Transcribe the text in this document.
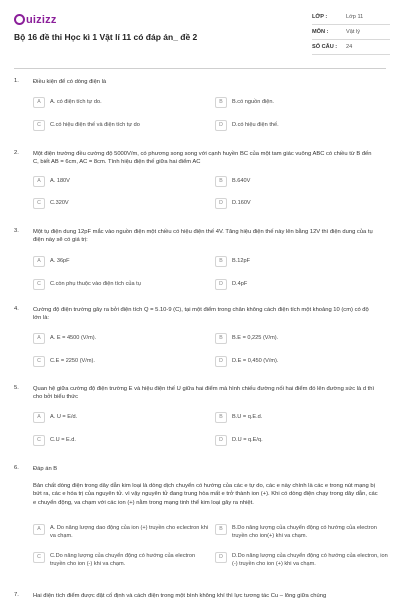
uizizz
Bộ 16 đề thi Học kì 1 Vật lí 11 có đáp án_ đề 2
LỚP :	Lớp 11
MÔN :	Vật lý
SỐ CÂU :	24
1. Điều kiện để có dòng điện là
A	A. có điện tích tự do.	B	B.có nguồn điện.
C	C.có hiệu điện thế và điện tích tự do	D	D.có hiệu điện thế.
2. Một điện trường đều cường độ 5000V/m, có phương song song với cạnh huyền BC của một tam giác vuông ABC có chiều từ B đến C, biết AB = 6cm, AC = 8cm. Tính hiệu điện thế giữa hai điểm AC
A	A. 180V	B	B.640V
C	C.320V	D	D.160V
3. Một tụ điện dung 12pF mắc vào nguồn điện một chiều có hiệu điện thế 4V. Tăng hiệu điện thế này lên bằng 12V thì điện dung của tụ điện này sẽ có giá trị:
A	A. 36pF	B	B.12pF
C	C.còn phụ thuộc vào điện tích của tụ	D	D.4pF
4. Cường độ điện trường gây ra bởi điện tích Q = 5.10-9 (C), tại một điểm trong chân không cách điện tích một khoảng 10 (cm) có độ lớn là:
A	A. E = 4500 (V/m).	B	B.E = 0,225 (V/m).
C	C.E = 2250 (V/m).	D	D.E = 0,450 (V/m).
5. Quan hệ giữa cường độ điện trường E và hiệu điện thế U giữa hai điểm mà hình chiếu đường nối hai điểm đó lên đường sức là d thì cho bởi biểu thức
A	A. U = E/d.	B	B.U = q.E.d.
C	C.U = E.d.	D	D.U = q.E/q.
6. Đáp án B
Bản chất dòng điện trong dây dẫn kim loại là dòng dịch chuyển có hướng của các e tự do, các e này chính là các e trong nút mạng bị bứt ra, các e hóa trị của nguyên tử. vì vậy nguyên tử đang trung hòa mất e trở thành ion (+). Khi có dòng điện chạy trong dây dẫn, các e chuyển động, va chạm với các ion (+) nằm trong mạng tinh thể kim loại gây ra nhiệt.
A	A. Do năng lượng dao động của ion (+) truyền cho eclectron khi va chạm.
B	B.Do năng lượng của chuyển động có hướng của electron truyền cho ion(+) khi va chạm.
C	C.Do năng lượng của chuyển động có hướng của electron truyền cho ion (-) khi va chạm.
D	D.Do năng lượng của chuyển động có hướng của electron, ion (-) truyền cho ion (+) khi va chạm.
7. Hai điện tích điểm được đặt cố định và cách điện trong một bình không khí thì lực tương tác Cu – lông giữa chúng
